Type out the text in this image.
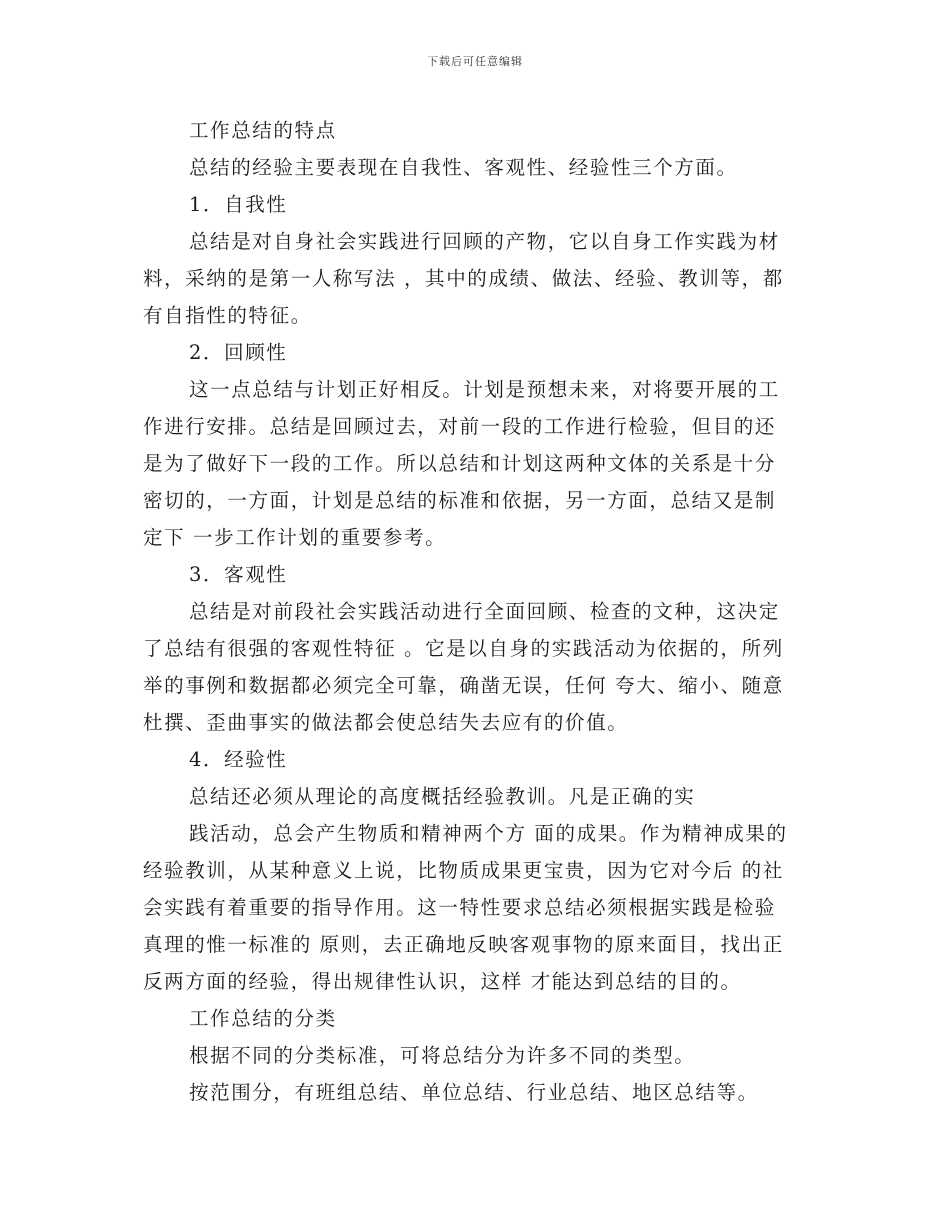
下载后可任意编辑
工作总结的特点
总结的经验主要表现在自我性、客观性、经验性三个方面。
1．自我性
总结是对自身社会实践进行回顾的产物，它以自身工作实践为材
料，采纳的是第一人称写法 ，其中的成绩、做法、经验、教训等，都
有自指性的特征。
2．回顾性
这一点总结与计划正好相反。计划是预想未来，对将要开展的工
作进行安排。总结是回顾过去，对前一段的工作进行检验，但目的还
是为了做好下一段的工作。所以总结和计划这两种文体的关系是十分
密切的，一方面，计划是总结的标准和依据，另一方面，总结又是制
定下 一步工作计划的重要参考。
3．客观性
总结是对前段社会实践活动进行全面回顾、检查的文种，这决定
了总结有很强的客观性特征 。它是以自身的实践活动为依据的，所列
举的事例和数据都必须完全可靠，确凿无误，任何 夸大、缩小、随意
杜撰、歪曲事实的做法都会使总结失去应有的价值。
4．经验性
总结还必须从理论的高度概括经验教训。凡是正确的实
践活动，总会产生物质和精神两个方 面的成果。作为精神成果的
经验教训，从某种意义上说，比物质成果更宝贵，因为它对今后 的社
会实践有着重要的指导作用。这一特性要求总结必须根据实践是检验
真理的惟一标准的 原则，去正确地反映客观事物的原来面目，找出正
反两方面的经验，得出规律性认识，这样 才能达到总结的目的。
工作总结的分类
根据不同的分类标准，可将总结分为许多不同的类型。
按范围分，有班组总结、单位总结、行业总结、地区总结等。
